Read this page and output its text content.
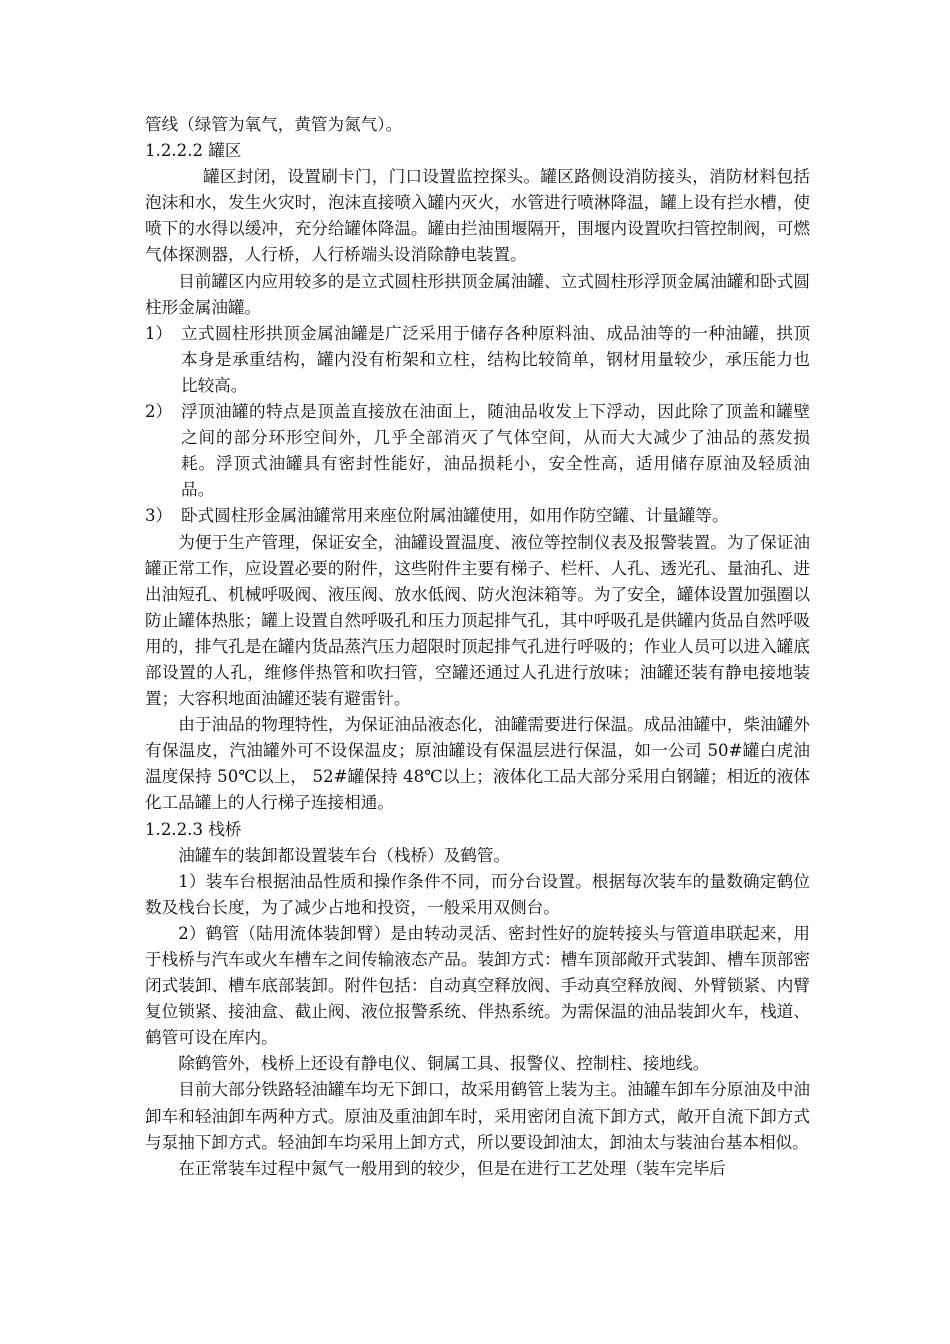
管线（绿管为氧气，黄管为氮气）。

1.2.2.2 罐区

罐区封闭，设置刷卡门，门口设置监控探头。罐区路侧设消防接头，消防材料包括泡沫和水，发生火灾时，泡沫直接喷入罐内灭火，水管进行喷淋降温，罐上设有拦水槽，使喷下的水得以缓冲，充分给罐体降温。罐由拦油围堰隔开，围堰内设置吹扫管控制阀，可燃气体探测器，人行桥，人行桥端头设消除静电装置。

目前罐区内应用较多的是立式圆柱形拱顶金属油罐、立式圆柱形浮顶金属油罐和卧式圆柱形金属油罐。

1） 立式圆柱形拱顶金属油罐是广泛采用于储存各种原料油、成品油等的一种油罐，拱顶本身是承重结构，罐内没有桁架和立柱，结构比较简单，钢材用量较少，承压能力也比较高。
2） 浮顶油罐的特点是顶盖直接放在油面上，随油品收发上下浮动，因此除了顶盖和罐壁之间的部分环形空间外，几乎全部消灭了气体空间，从而大大减少了油品的蒸发损耗。浮顶式油罐具有密封性能好，油品损耗小，安全性高，适用储存原油及轻质油品。
3） 卧式圆柱形金属油罐常用来座位附属油罐使用，如用作防空罐、计量罐等。

为便于生产管理，保证安全，油罐设置温度、液位等控制仪表及报警装置。为了保证油罐正常工作，应设置必要的附件，这些附件主要有梯子、栏杆、人孔、透光孔、量油孔、进出油短孔、机械呼吸阀、液压阀、放水低阀、防火泡沫箱等。为了安全，罐体设置加强圈以防止罐体热胀；罐上设置自然呼吸孔和压力顶起排气孔，其中呼吸孔是供罐内货品自然呼吸用的，排气孔是在罐内货品蒸汽压力超限时顶起排气孔进行呼吸的；作业人员可以进入罐底部设置的人孔，维修伴热管和吹扫管，空罐还通过人孔进行放味；油罐还装有静电接地装置；大容积地面油罐还装有避雷针。

由于油品的物理特性，为保证油品液态化，油罐需要进行保温。成品油罐中，柴油罐外有保温皮，汽油罐外可不设保温皮；原油罐设有保温层进行保温，如一公司 50#罐白虎油温度保持 50℃以上， 52#罐保持 48℃以上；液体化工品大部分采用白钢罐；相近的液体化工品罐上的人行梯子连接相通。

1.2.2.3 栈桥

油罐车的装卸都设置装车台（栈桥）及鹤管。

1）装车台根据油品性质和操作条件不同，而分台设置。根据每次装车的量数确定鹤位数及栈台长度，为了减少占地和投资，一般采用双侧台。

2）鹤管（陆用流体装卸臂）是由转动灵活、密封性好的旋转接头与管道串联起来，用于栈桥与汽车或火车槽车之间传输液态产品。装卸方式：槽车顶部敞开式装卸、槽车顶部密闭式装卸、槽车底部装卸。附件包括：自动真空释放阀、手动真空释放阀、外臂锁紧、内臂复位锁紧、接油盒、截止阀、液位报警系统、伴热系统。为需保温的油品装卸火车，栈道、鹤管可设在库内。

除鹤管外，栈桥上还设有静电仪、铜属工具、报警仪、控制柱、接地线。

目前大部分铁路轻油罐车均无下卸口，故采用鹤管上装为主。油罐车卸车分原油及中油卸车和轻油卸车两种方式。原油及重油卸车时，采用密闭自流下卸方式，敞开自流下卸方式与泵抽下卸方式。轻油卸车均采用上卸方式，所以要设卸油太，卸油太与装油台基本相似。

在正常装车过程中氮气一般用到的较少，但是在进行工艺处理（装车完毕后
